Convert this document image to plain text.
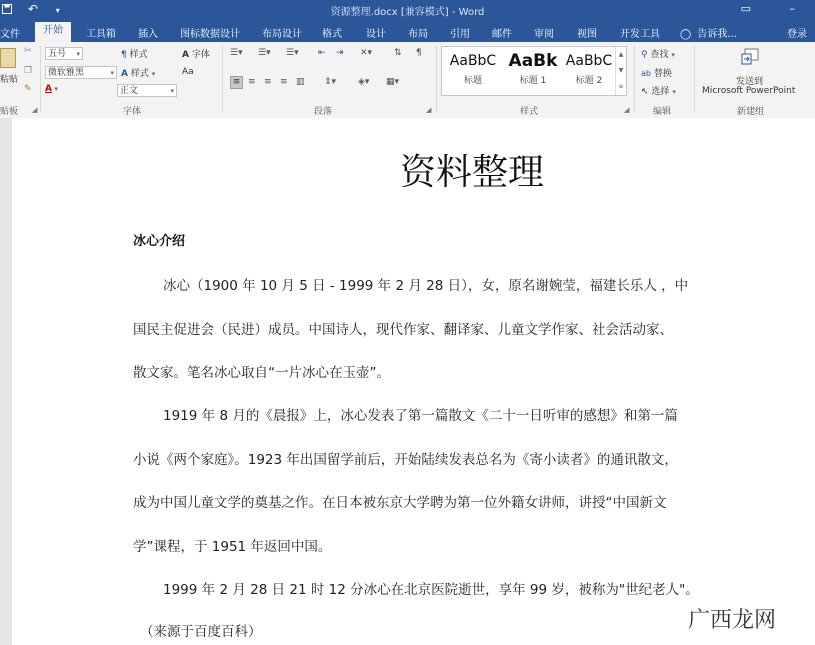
↶ ▾	资源整理.docx [兼容模式] - Word	▭	–
文件	开始	工具箱 插入 图标数据设计 布局设计 格式 设计 布局 引用 邮件 审阅 视图 开发工具 ◯ 告诉我...	登录
粘贴
✂
❐
✎
贴板 ◢
五号 ▾
微软雅黑	▾
A ▾
¶ 样式
A 样式 ▾
正文	▾
A 字体
Aa
字体
☰▾ ☰▾ ☰▾ ⇤ ⇥ ✕▾ ⇅ ¶
≡ ≡ ≡ ≡ ▥ ⇕▾ ◈▾ ▦▾
段落	◢
AaBbC
标题
AaBk
标题 1
AaBbC
标题 2
▲
▼
≡
样式	◢
⚲ 查找 ▾
ab 替换
↖ 选择 ▾
编辑
发送到
Microsoft PowerPoint
新建组
资料整理
冰心介绍
冰心（1900 年 10 月 5 日 - 1999 年 2 月 28 日），女，原名谢婉莹，福建长乐人 ，中
国民主促进会（民进）成员。中国诗人，现代作家、翻译家、儿童文学作家、社会活动家、
散文家。笔名冰心取自“一片冰心在玉壶”。
1919 年 8 月的《晨报》上，冰心发表了第一篇散文《二十一日听审的感想》和第一篇
小说《两个家庭》。1923 年出国留学前后，开始陆续发表总名为《寄小读者》的通讯散文，
成为中国儿童文学的奠基之作。在日本被东京大学聘为第一位外籍女讲师，讲授“中国新文
学”课程，于 1951 年返回中国。
1999 年 2 月 28 日 21 时 12 分冰心在北京医院逝世，享年 99 岁，被称为"世纪老人"。
（来源于百度百科）	广西龙网
